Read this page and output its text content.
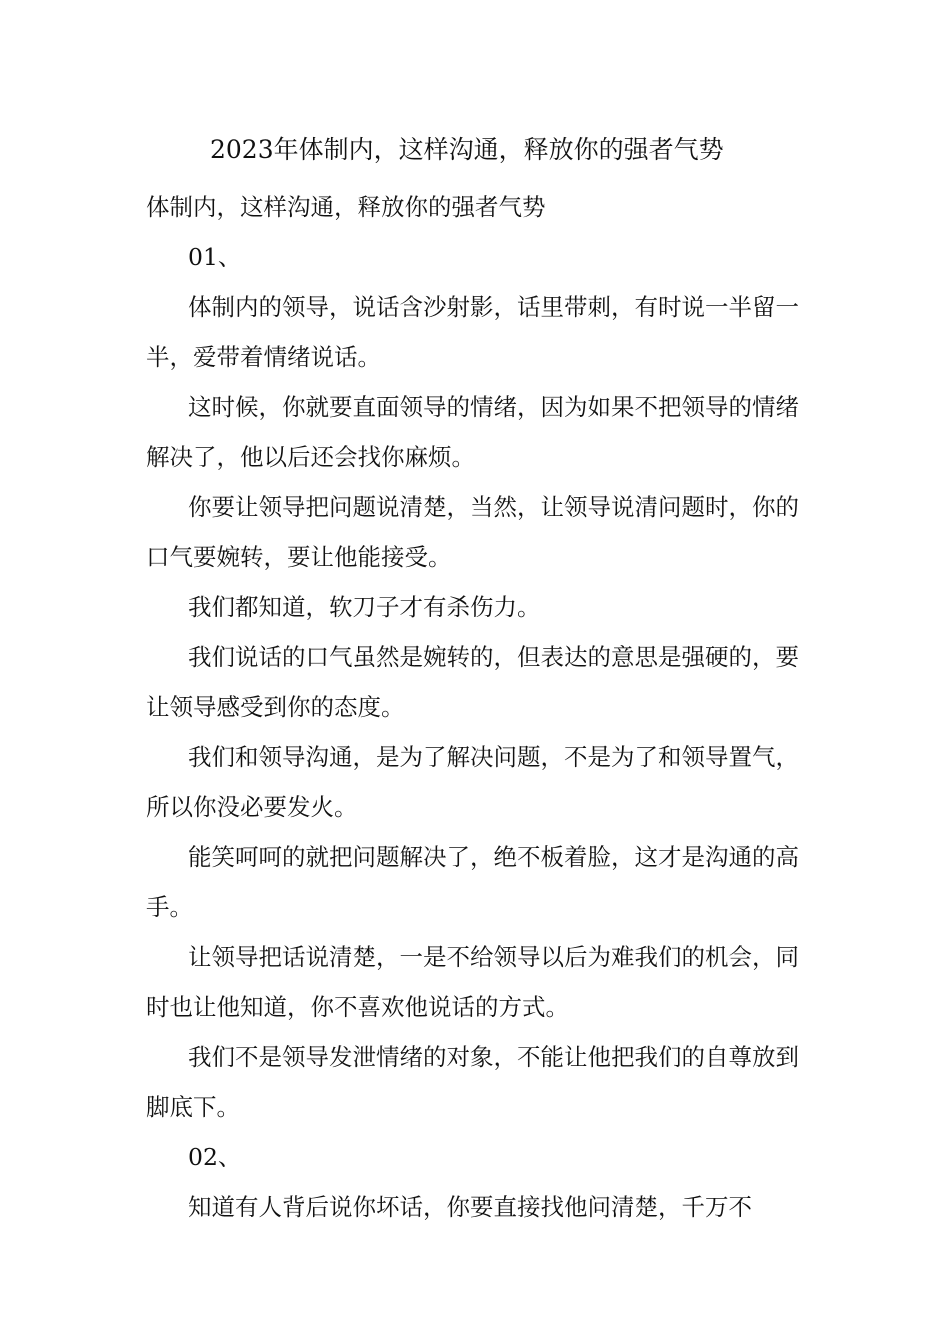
2023年体制内，这样沟通，释放你的强者气势

体制内，这样沟通，释放你的强者气势

01、

体制内的领导，说话含沙射影，话里带刺，有时说一半留一半，爱带着情绪说话。

这时候，你就要直面领导的情绪，因为如果不把领导的情绪解决了，他以后还会找你麻烦。

你要让领导把问题说清楚，当然，让领导说清问题时，你的口气要婉转，要让他能接受。

我们都知道，软刀子才有杀伤力。

我们说话的口气虽然是婉转的，但表达的意思是强硬的，要让领导感受到你的态度。

我们和领导沟通，是为了解决问题，不是为了和领导置气，所以你没必要发火。

能笑呵呵的就把问题解决了，绝不板着脸，这才是沟通的高手。

让领导把话说清楚，一是不给领导以后为难我们的机会，同时也让他知道，你不喜欢他说话的方式。

我们不是领导发泄情绪的对象，不能让他把我们的自尊放到脚底下。

02、

知道有人背后说你坏话，你要直接找他问清楚，千万不
